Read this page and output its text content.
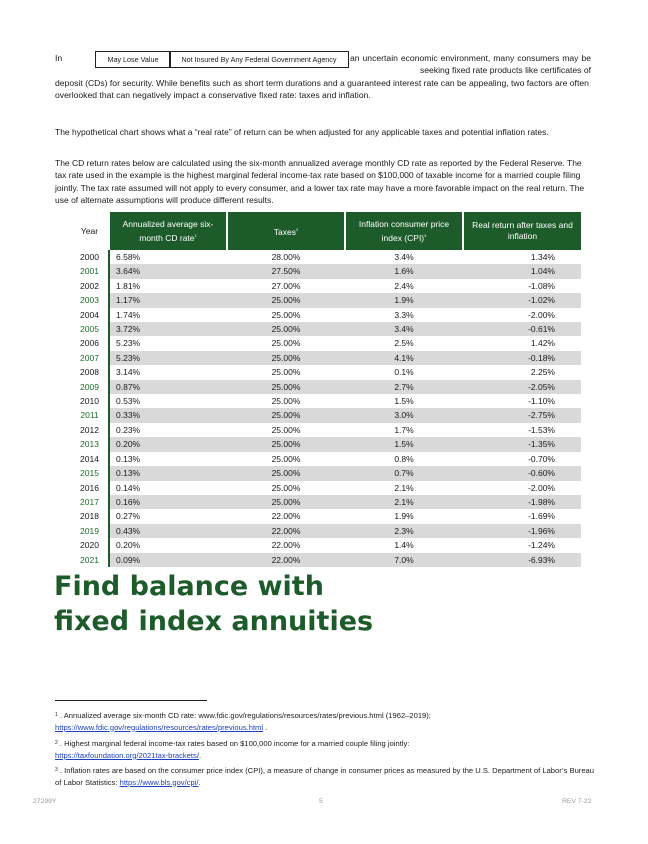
In	May Lose Value	Not Insured By Any Federal Government Agency	an uncertain economic environment, many consumers may be seeking fixed rate products like certificates of
deposit (CDs) for security. While benefits such as short term durations and a guaranteed interest rate can be appealing, two factors are often overlooked that can negatively impact a conservative fixed rate: taxes and inflation.
The hypothetical chart shows what a “real rate” of return can be when adjusted for any applicable taxes and potential inflation rates.
The CD return rates below are calculated using the six-month annualized average monthly CD rate as reported by the Federal Reserve. The tax rate used in the example is the highest marginal federal income-tax rate based on $100,000 of taxable income for a married couple filing jointly. The tax rate assumed will not apply to every consumer, and a lower tax rate may have a more favorable impact on the real return. The use of alternate assumptions will produce different results.
Year	Annualized average six-month CD rate$^1$	Taxes$^2$	Inflation consumer price index (CPI)$^3$	Real return after taxes and inflation
2000	6.58%	28.00%	3.4%	1.34%
2001	3.64%	27.50%	1.6%	1.04%
2002	1.81%	27.00%	2.4%	-1.08%
2003	1.17%	25.00%	1.9%	-1.02%
2004	1.74%	25.00%	3.3%	-2.00%
2005	3.72%	25.00%	3.4%	-0.61%
2006	5.23%	25.00%	2.5%	1.42%
2007	5.23%	25.00%	4.1%	-0.18%
2008	3.14%	25.00%	0.1%	2.25%
2009	0.87%	25.00%	2.7%	-2.05%
2010	0.53%	25.00%	1.5%	-1.10%
2011	0.33%	25.00%	3.0%	-2.75%
2012	0.23%	25.00%	1.7%	-1.53%
2013	0.20%	25.00%	1.5%	-1.35%
2014	0.13%	25.00%	0.8%	-0.70%
2015	0.13%	25.00%	0.7%	-0.60%
2016	0.14%	25.00%	2.1%	-2.00%
2017	0.16%	25.00%	2.1%	-1.98%
2018	0.27%	22.00%	1.9%	-1.69%
2019	0.43%	22.00%	2.3%	-1.96%
2020	0.20%	22.00%	1.4%	-1.24%
2021	0.09%	22.00%	7.0%	-6.93%
Find balance with
fixed index annuities
$^1$ . Annualized average six-month CD rate: www.fdic.gov/regulations/resources/rates/previous.html (1962–2019); https://www.fdic.gov/regulations/resources/rates/previous.html .
$^2$ . Highest marginal federal income-tax rates based on $100,000 income for a married couple filing jointly:
https://taxfoundation.org/2021tax-brackets/.
$^3$ . Inflation rates are based on the consumer price index (CPI), a measure of change in consumer prices as measured by the U.S. Department of Labor’s Bureau of Labor Statistics: https://www.bls.gov/cpi/.
27299Y	5	REV 7-22
